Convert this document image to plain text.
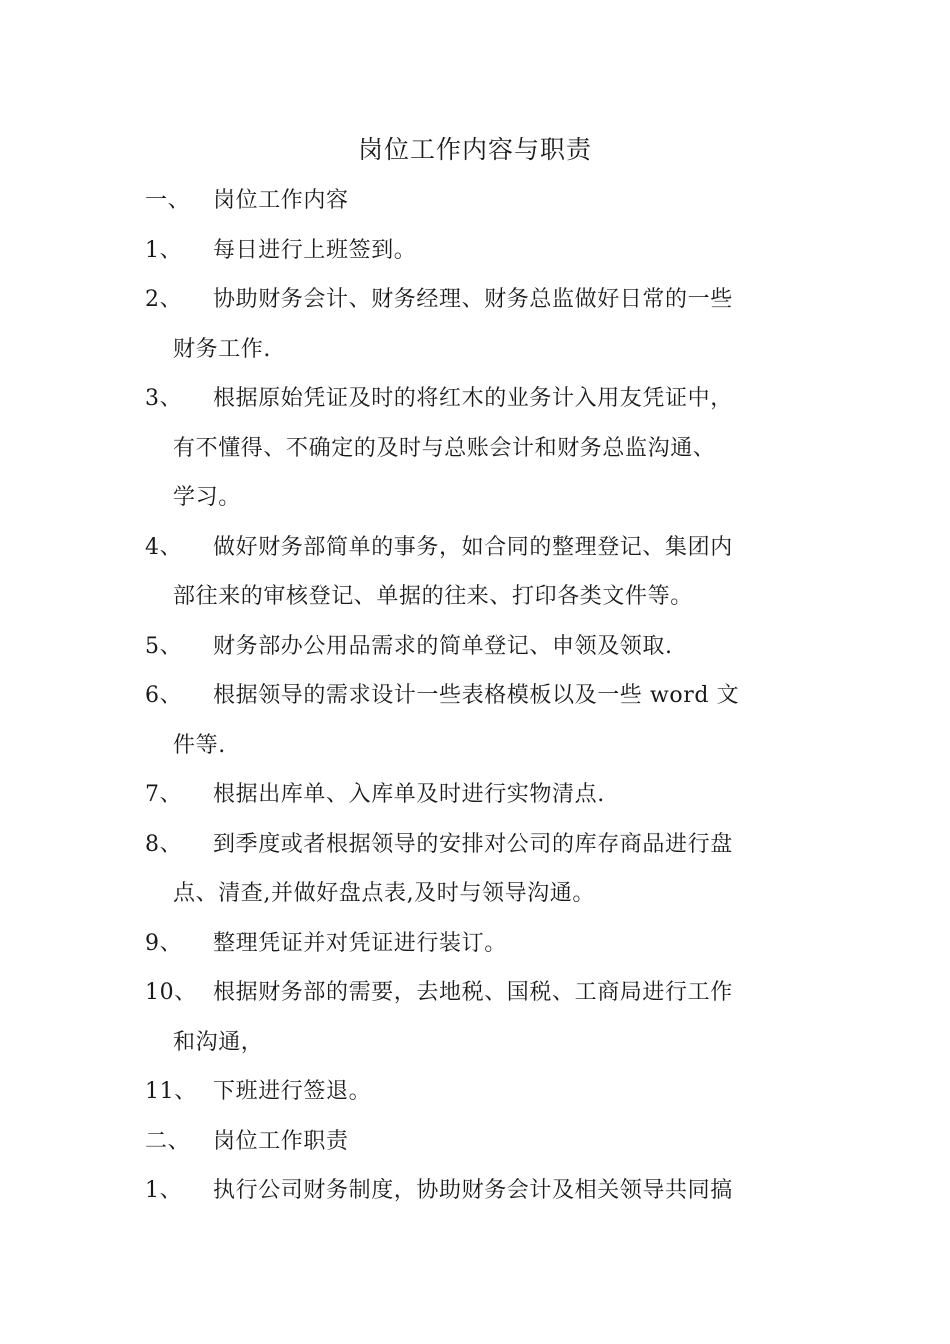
岗位工作内容与职责
一、	岗位工作内容
1、	每日进行上班签到。
2、	协助财务会计、财务经理、财务总监做好日常的一些
财务工作.
3、	根据原始凭证及时的将红木的业务计入用友凭证中，
有不懂得、不确定的及时与总账会计和财务总监沟通、
学习。
4、	做好财务部简单的事务，如合同的整理登记、集团内
部往来的审核登记、单据的往来、打印各类文件等。
5、	财务部办公用品需求的简单登记、申领及领取.
6、	根据领导的需求设计一些表格模板以及一些 word 文
件等.
7、	根据出库单、入库单及时进行实物清点.
8、	到季度或者根据领导的安排对公司的库存商品进行盘
点、清查,并做好盘点表,及时与领导沟通。
9、	整理凭证并对凭证进行装订。
10、 根据财务部的需要，去地税、国税、工商局进行工作
和沟通，
11、 下班进行签退。
二、	岗位工作职责
1、	执行公司财务制度，协助财务会计及相关领导共同搞
